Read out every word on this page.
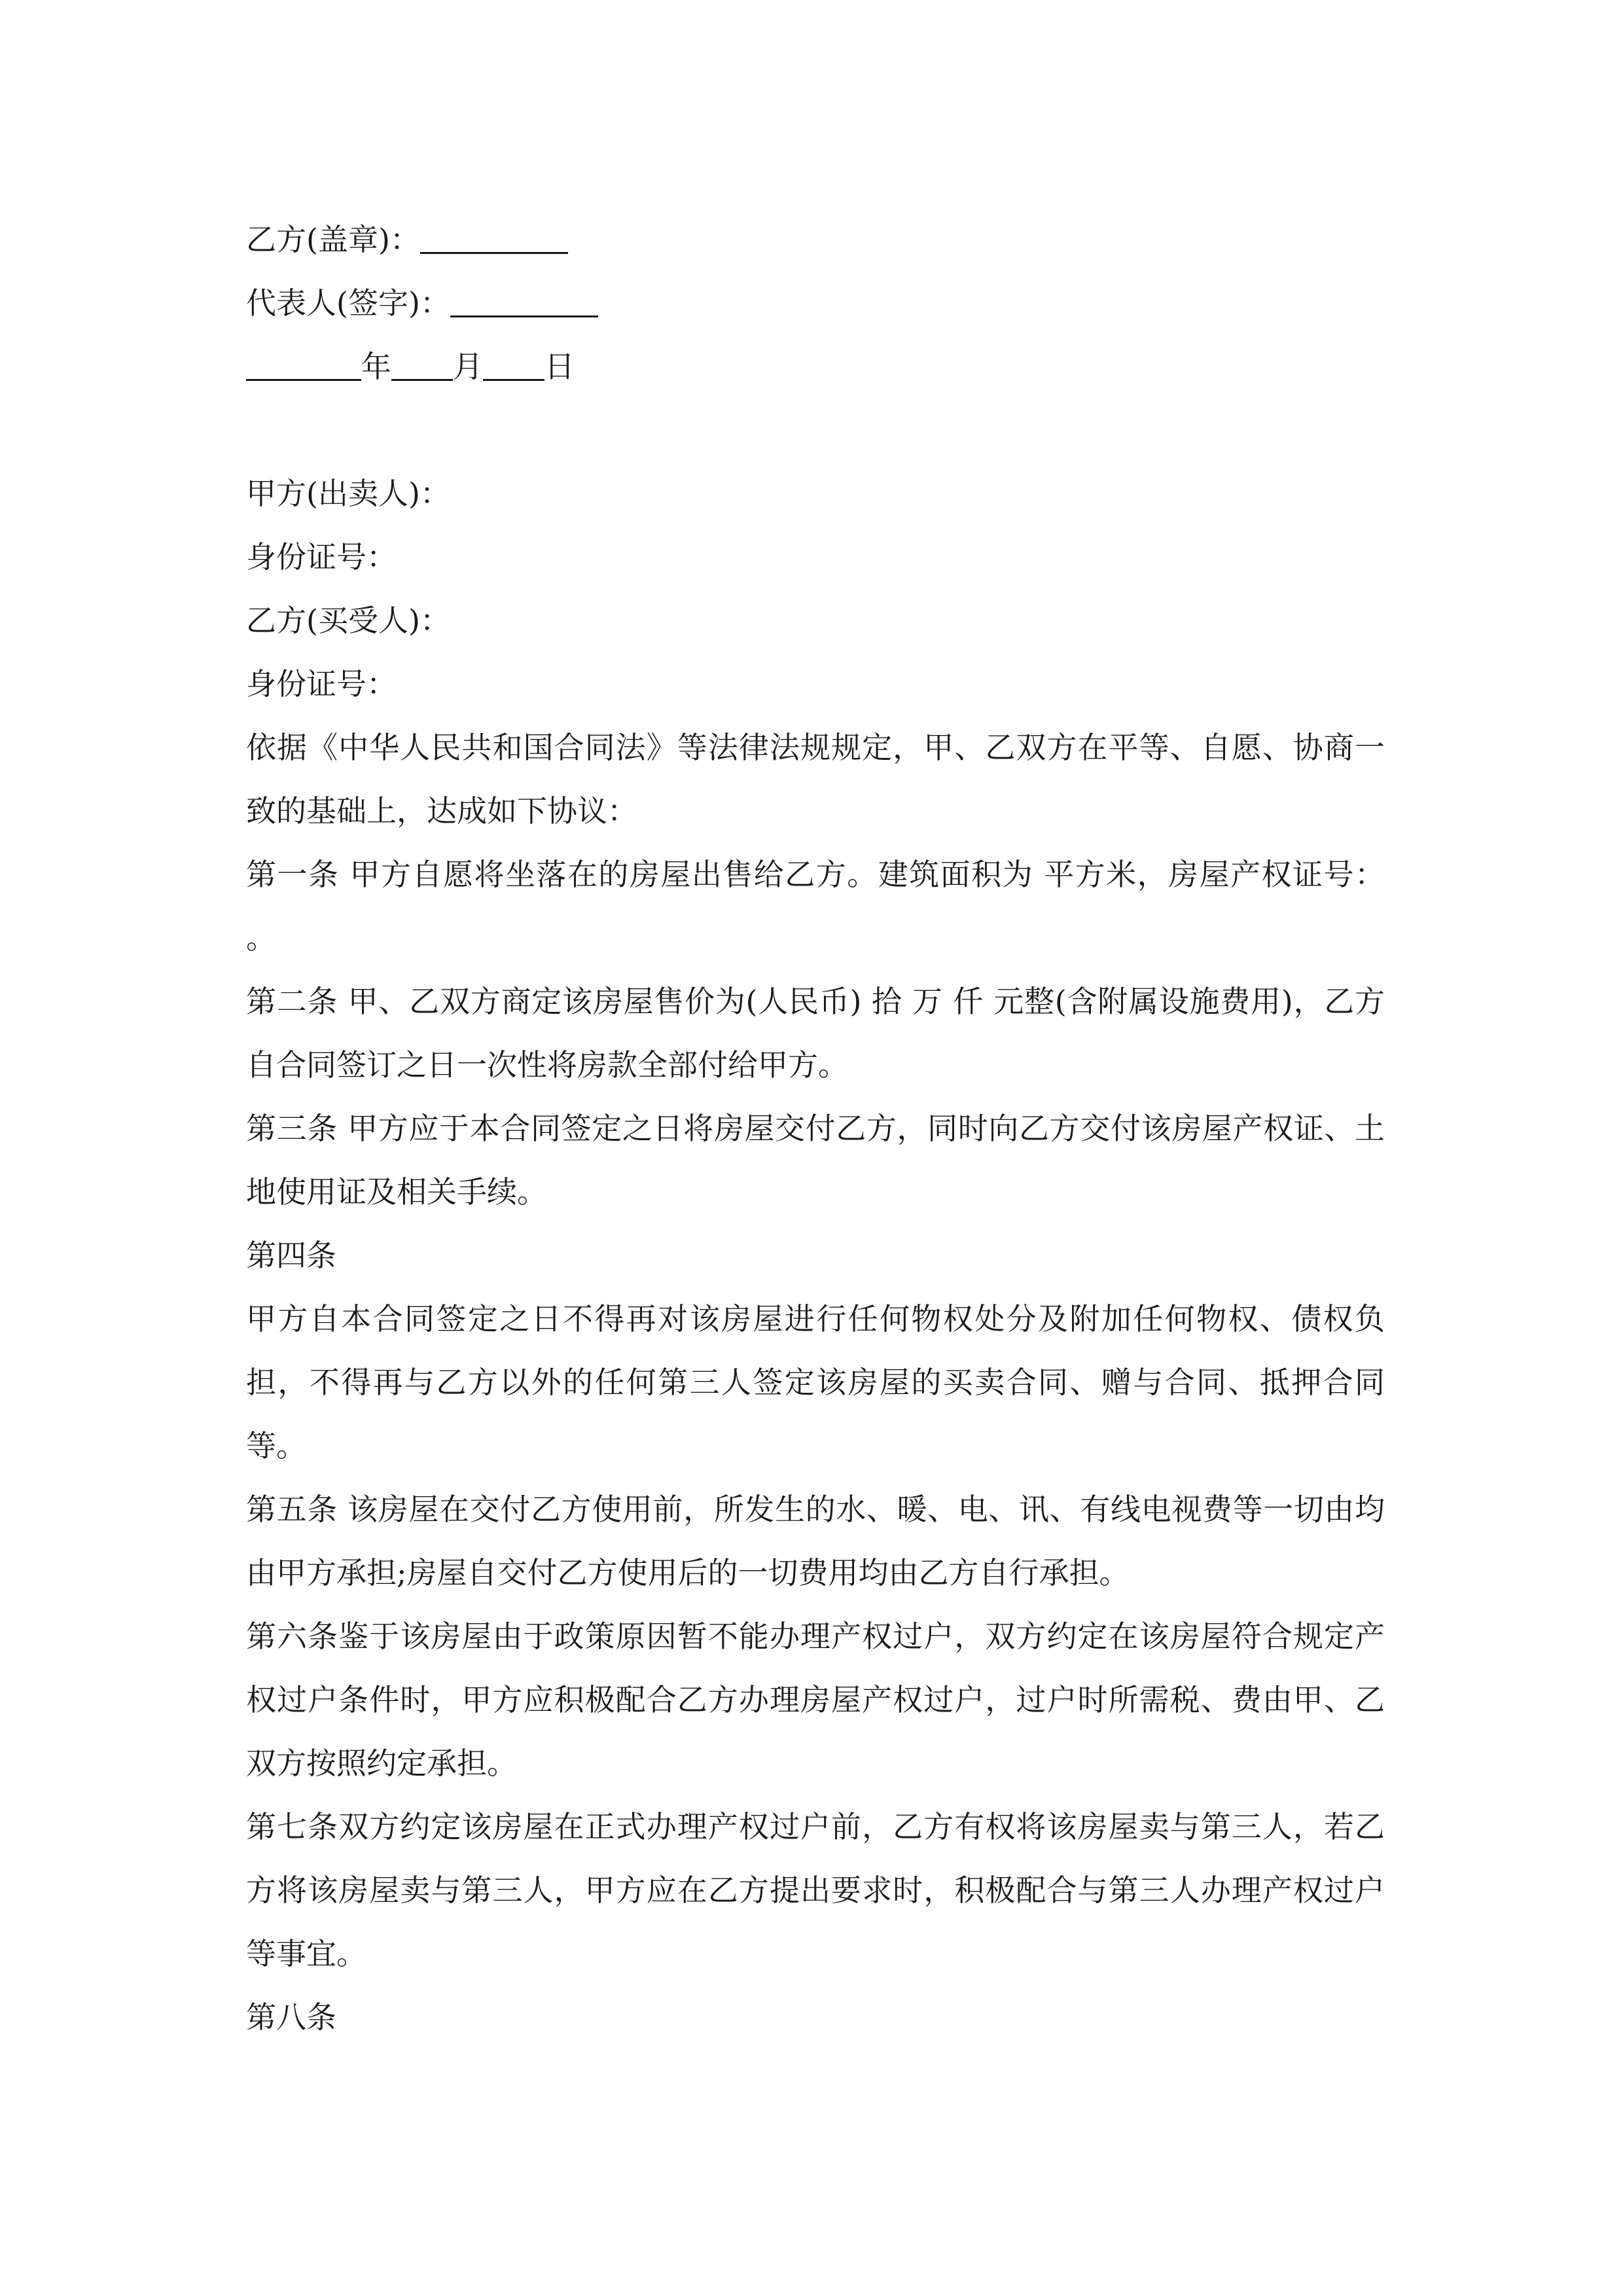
乙方(盖章)：
代表人(签字)：
年 月 日
甲方(出卖人)：
身份证号：
乙方(买受人)：
身份证号：
依据《中华人民共和国合同法》等法律法规规定，甲、乙双方在平等、自愿、协商一致的基础上，达成如下协议：
第一条 甲方自愿将坐落在的房屋出售给乙方。建筑面积为 平方米，房屋产权证号： 。
第二条 甲、乙双方商定该房屋售价为(人民币) 拾 万 仟 元整(含附属设施费用)，乙方自合同签订之日一次性将房款全部付给甲方。
第三条 甲方应于本合同签定之日将房屋交付乙方，同时向乙方交付该房屋产权证、土地使用证及相关手续。
第四条
甲方自本合同签定之日不得再对该房屋进行任何物权处分及附加任何物权、债权负担，不得再与乙方以外的任何第三人签定该房屋的买卖合同、赠与合同、抵押合同等。
第五条 该房屋在交付乙方使用前，所发生的水、暖、电、讯、有线电视费等一切由均由甲方承担;房屋自交付乙方使用后的一切费用均由乙方自行承担。
第六条鉴于该房屋由于政策原因暂不能办理产权过户，双方约定在该房屋符合规定产权过户条件时，甲方应积极配合乙方办理房屋产权过户，过户时所需税、费由甲、乙双方按照约定承担。
第七条双方约定该房屋在正式办理产权过户前，乙方有权将该房屋卖与第三人，若乙方将该房屋卖与第三人，甲方应在乙方提出要求时，积极配合与第三人办理产权过户等事宜。
第八条
